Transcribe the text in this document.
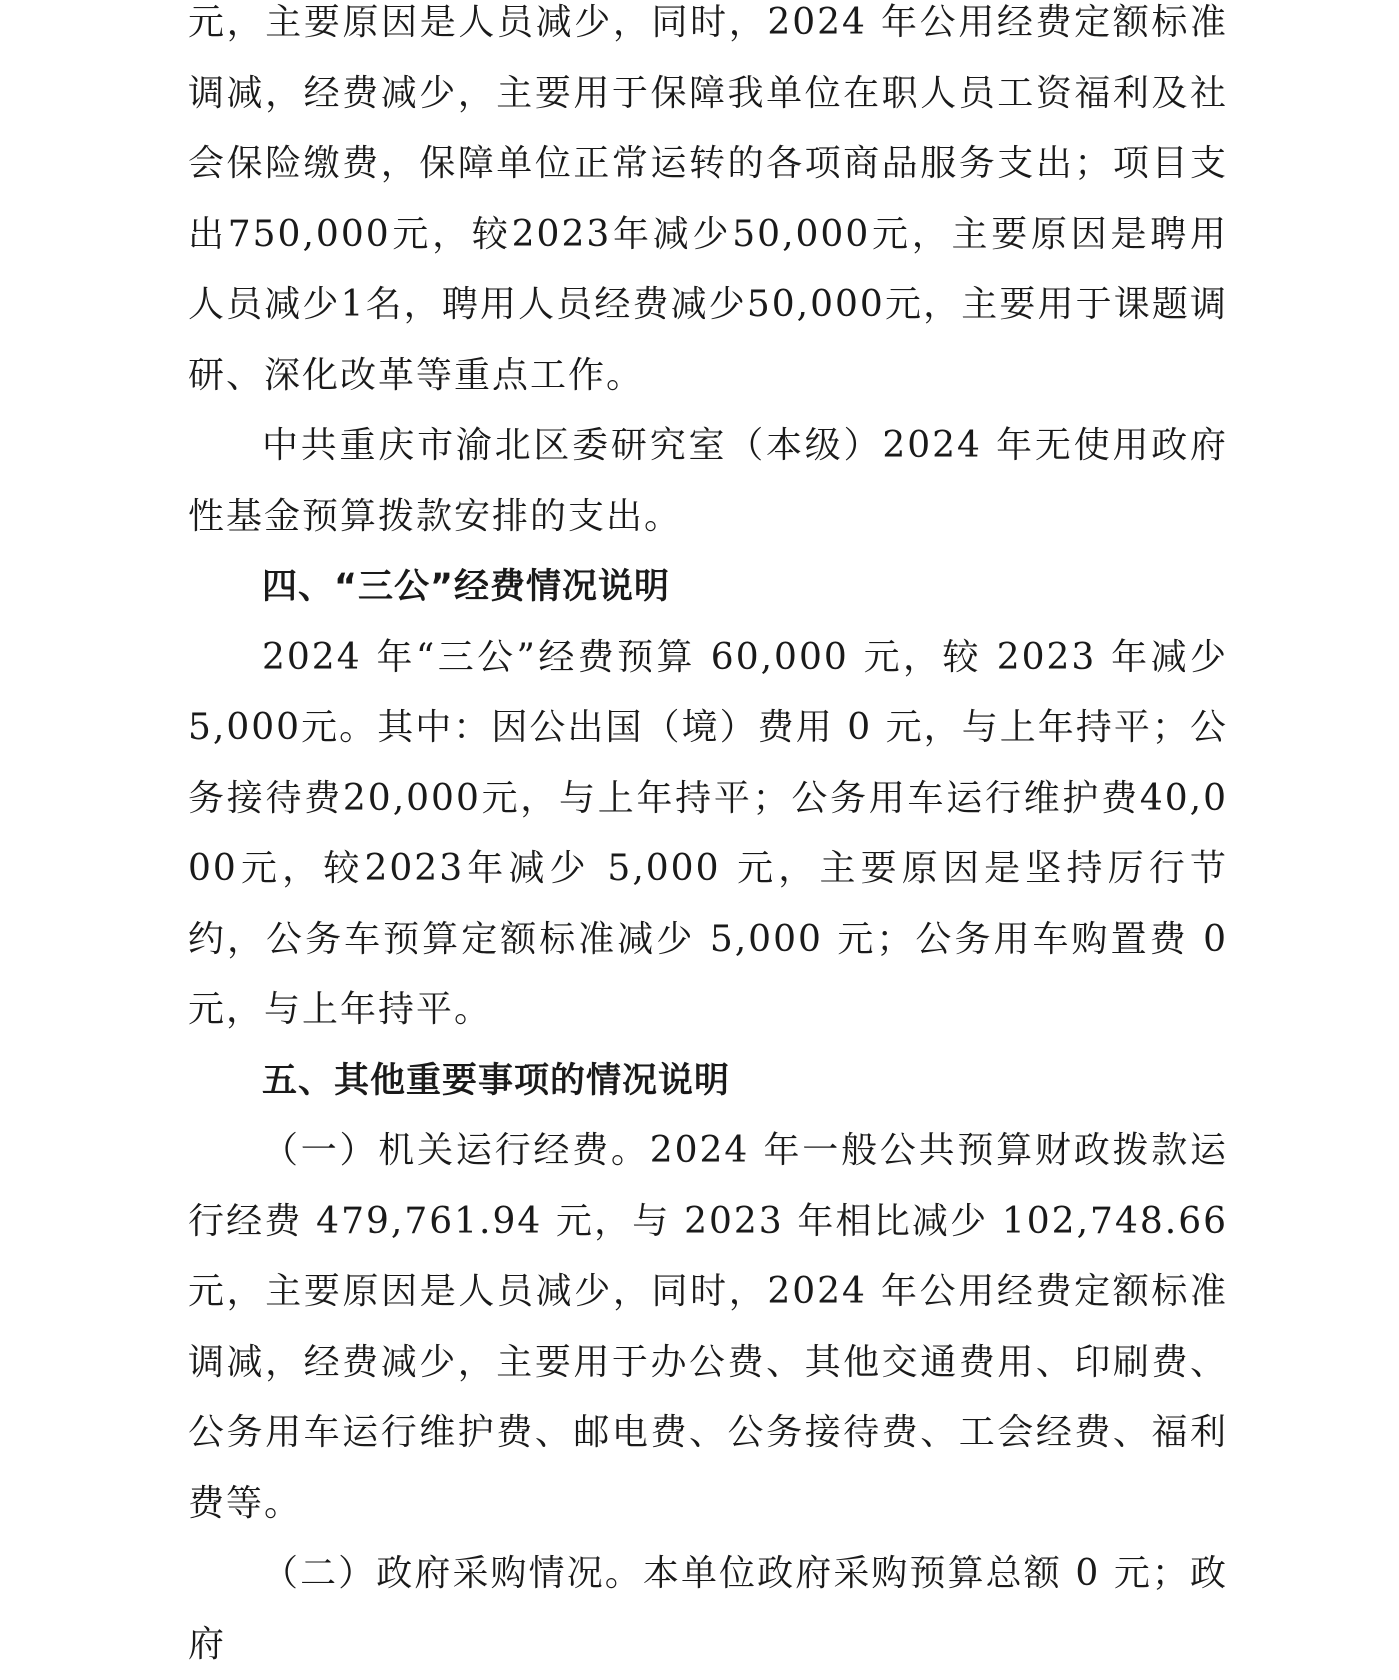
元，主要原因是人员减少，同时，2024 年公用经费定额标准调减，经费减少，主要用于保障我单位在职人员工资福利及社会保险缴费，保障单位正常运转的各项商品服务支出；项目支出750,000元，较2023年减少50,000元，主要原因是聘用人员减少1名，聘用人员经费减少50,000元，主要用于课题调研、深化改革等重点工作。

中共重庆市渝北区委研究室（本级）2024 年无使用政府性基金预算拨款安排的支出。

四、“三公”经费情况说明

2024 年“三公”经费预算 60,000 元，较 2023 年减少 5,000元。其中：因公出国（境）费用 0 元，与上年持平；公务接待费20,000元，与上年持平；公务用车运行维护费40,000元，较2023年减少 5,000 元，主要原因是坚持厉行节约，公务车预算定额标准减少 5,000 元；公务用车购置费 0 元，与上年持平。

五、其他重要事项的情况说明

（一）机关运行经费。2024 年一般公共预算财政拨款运行经费 479,761.94 元，与 2023 年相比减少 102,748.66 元，主要原因是人员减少，同时，2024 年公用经费定额标准调减，经费减少，主要用于办公费、其他交通费用、印刷费、公务用车运行维护费、邮电费、公务接待费、工会经费、福利费等。

（二）政府采购情况。本单位政府采购预算总额 0 元；政府
